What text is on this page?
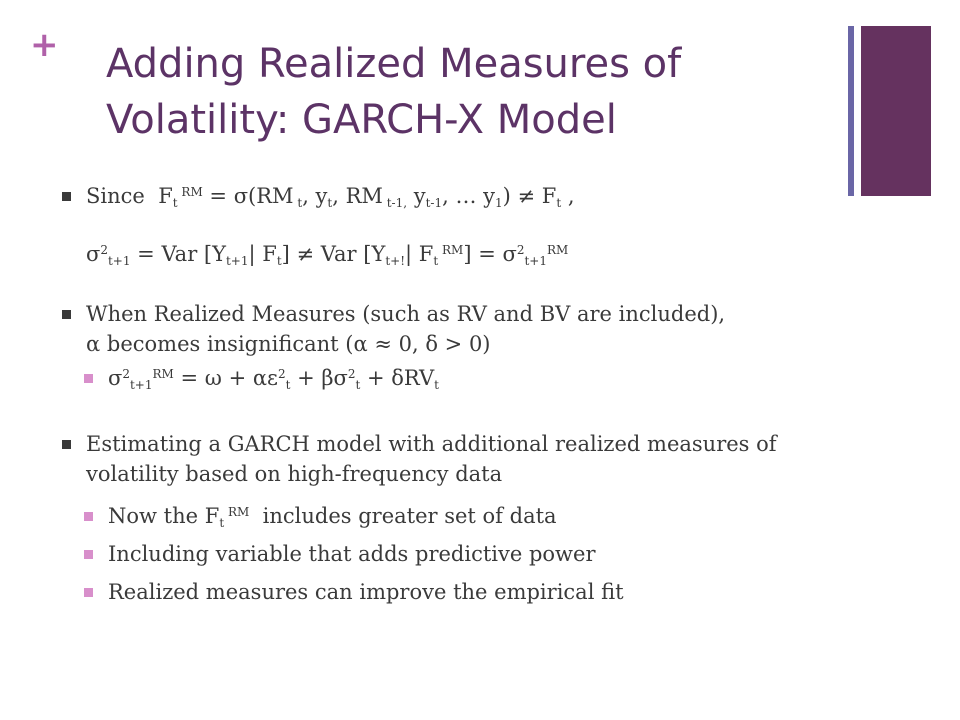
+ Adding Realized Measures of
Volatility: GARCH-X Model
Since  $F_t$ $^{RM}$ = σ(RM $_t$, $y_t$, RM $_{t-1,}$ $y_{t-1}$, … $y_1) \ne F_t$ ,
$\sigma^2_{t+1}$ = Var [$Y_{t+1}|$ $F_t$] ≠ Var [$Y_{t+!}|$ $F_t$ $^{RM}] = \sigma^2_{t+1}^{RM}$
When Realized Measures (such as RV and BV are included),
α becomes insignificant (α ≈ 0, δ > 0)
$\sigma^2_{t+1}^{RM} = \omega + \alpha\varepsilon^2_t + \beta\sigma^2_t + \delta RV_t$
Estimating a GARCH model with additional realized measures of
volatility based on high-frequency data
Now the $F_t$ $^{RM}$ includes greater set of data
Including variable that adds predictive power
Realized measures can improve the empirical fit
